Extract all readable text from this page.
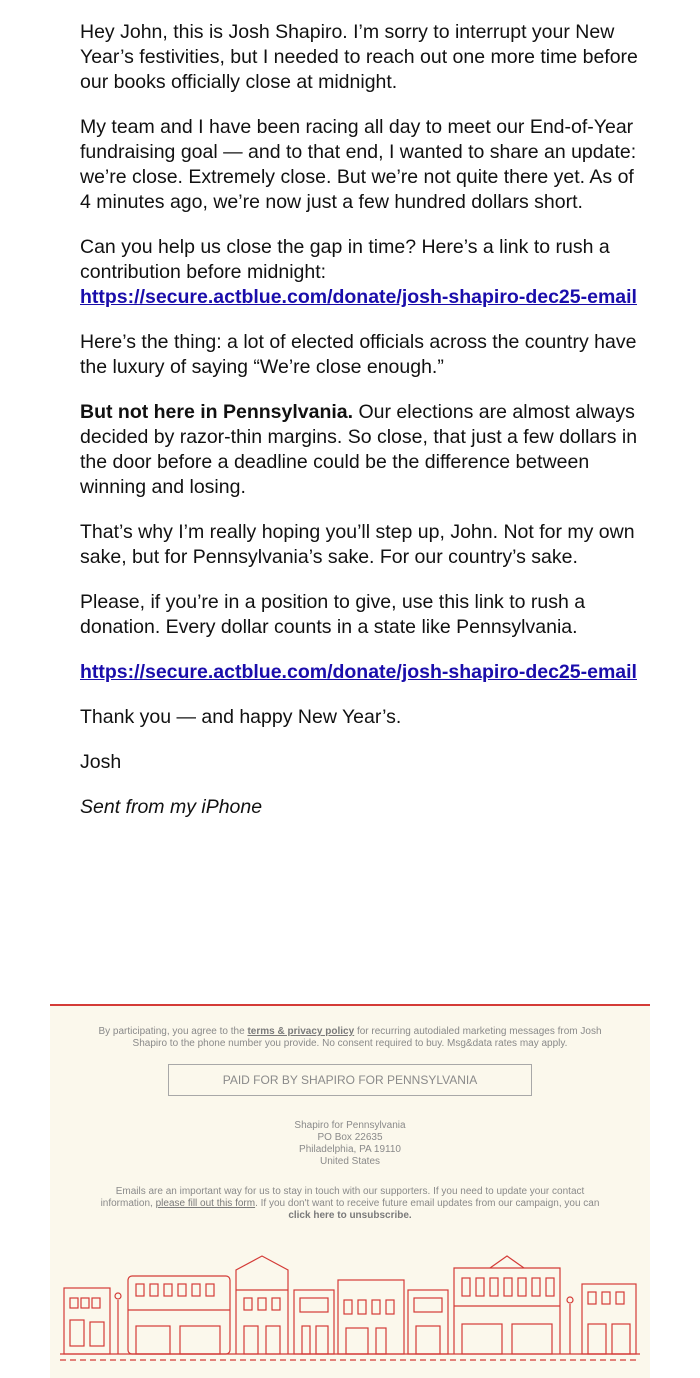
Hey John, this is Josh Shapiro. I’m sorry to interrupt your New Year’s festivities, but I needed to reach out one more time before our books officially close at midnight.

My team and I have been racing all day to meet our End-of-Year fundraising goal — and to that end, I wanted to share an update: we’re close. Extremely close. But we’re not quite there yet. As of 4 minutes ago, we’re now just a few hundred dollars short.

Can you help us close the gap in time? Here’s a link to rush a contribution before midnight:
https://secure.actblue.com/donate/josh-shapiro-dec25-email

Here’s the thing: a lot of elected officials across the country have the luxury of saying “We’re close enough.”

But not here in Pennsylvania. Our elections are almost always decided by razor-thin margins. So close, that just a few dollars in the door before a deadline could be the difference between winning and losing.

That’s why I’m really hoping you’ll step up, John. Not for my own sake, but for Pennsylvania’s sake. For our country’s sake.

Please, if you’re in a position to give, use this link to rush a donation. Every dollar counts in a state like Pennsylvania.

https://secure.actblue.com/donate/josh-shapiro-dec25-email

Thank you — and happy New Year’s.

Josh

Sent from my iPhone

By participating, you agree to the terms & privacy policy for recurring autodialed marketing messages from Josh Shapiro to the phone number you provide. No consent required to buy. Msg&data rates may apply.
PAID FOR BY SHAPIRO FOR PENNSYLVANIA
Shapiro for Pennsylvania
PO Box 22635
Philadelphia, PA 19110
United States
Emails are an important way for us to stay in touch with our supporters. If you need to update your contact information, please fill out this form. If you don't want to receive future email updates from our campaign, you can click here to unsubscribe.
